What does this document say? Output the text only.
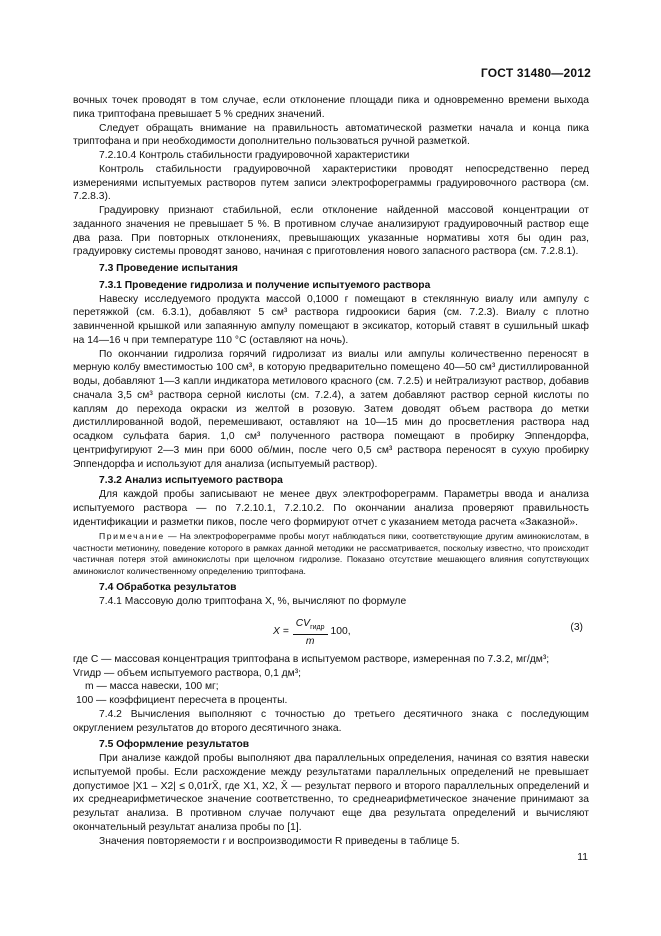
ГОСТ 31480—2012

вочных точек проводят в том случае, если отклонение площади пика и одновременно времени выхода пика триптофана превышает 5 % средних значений.

Следует обращать внимание на правильность автоматической разметки начала и конца пика триптофана и при необходимости дополнительно пользоваться ручной разметкой.

7.2.10.4 Контроль стабильности градуировочной характеристики

Контроль стабильности градуировочной характеристики проводят непосредственно перед измерениями испытуемых растворов путем записи электрофореграммы градуировочного раствора (см. 7.2.8.3).

Градуировку признают стабильной, если отклонение найденной массовой концентрации от заданного значения не превышает 5 %. В противном случае анализируют градуировочный раствор еще два раза. При повторных отклонениях, превышающих указанные нормативы хотя бы один раз, градуировку системы проводят заново, начиная с приготовления нового запасного раствора (см. 7.2.8.1).

7.3 Проведение испытания

7.3.1 Проведение гидролиза и получение испытуемого раствора

Навеску исследуемого продукта массой 0,1000 г помещают в стеклянную виалу или ампулу с перетяжкой (см. 6.3.1), добавляют 5 см³ раствора гидроокиси бария (см. 7.2.3). Виалу с плотно завинченной крышкой или запаянную ампулу помещают в эксикатор, который ставят в сушильный шкаф на 14—16 ч при температуре 110 °С (оставляют на ночь).

По окончании гидролиза горячий гидролизат из виалы или ампулы количественно переносят в мерную колбу вместимостью 100 см³, в которую предварительно помещено 40—50 см³ дистиллированной воды, добавляют 1—3 капли индикатора метилового красного (см. 7.2.5) и нейтрализуют раствор, добавив сначала 3,5 см³ раствора серной кислоты (см. 7.2.4), а затем добавляют раствор серной кислоты по каплям до перехода окраски из желтой в розовую. Затем доводят объем раствора до метки дистиллированной водой, перемешивают, оставляют на 10—15 мин до просветления раствора над осадком сульфата бария. 1,0 см³ полученного раствора помещают в пробирку Эппендорфа, центрифугируют 2—3 мин при 6000 об/мин, после чего 0,5 см³ раствора переносят в сухую пробирку Эппендорфа и используют для анализа (испытуемый раствор).

7.3.2 Анализ испытуемого раствора

Для каждой пробы записывают не менее двух электрофореграмм. Параметры ввода и анализа испытуемого раствора — по 7.2.10.1, 7.2.10.2. По окончании анализа проверяют правильность идентификации и разметки пиков, после чего формируют отчет с указанием метода расчета «Заказной».

Примечание — На электрофореграмме пробы могут наблюдаться пики, соответствующие другим аминокислотам, в частности метионину, поведение которого в рамках данной методики не рассматривается, поскольку известно, что происходит частичная потеря этой аминокислоты при щелочном гидролизе. Показано отсутствие мешающего влияния сопутствующих аминокислот количественному определению триптофана.

7.4 Обработка результатов

7.4.1 Массовую долю триптофана X, %, вычисляют по формуле

$X = \frac{CV_{гидр}}{m} 100$,	(3)

где C — массовая концентрация триптофана в испытуемом растворе, измеренная по 7.3.2, мг/дм³;

Vгидр — объем испытуемого раствора, 0,1 дм³;

m — масса навески, 100 мг;

100 — коэффициент пересчета в проценты.

7.4.2 Вычисления выполняют с точностью до третьего десятичного знака с последующим округлением результатов до второго десятичного знака.

7.5 Оформление результатов

При анализе каждой пробы выполняют два параллельных определения, начиная со взятия навески испытуемой пробы. Если расхождение между результатами параллельных определений не превышает допустимое |X1 – X2| ≤ 0,01rX̄, где X1, X2, X̄ — результат первого и второго параллельных определений и их среднеарифметическое значение соответственно, то среднеарифметическое значение принимают за результат анализа. В противном случае получают еще два результата определений и вычисляют окончательный результат анализа пробы по [1].

Значения повторяемости r и воспроизводимости R приведены в таблице 5.

11
